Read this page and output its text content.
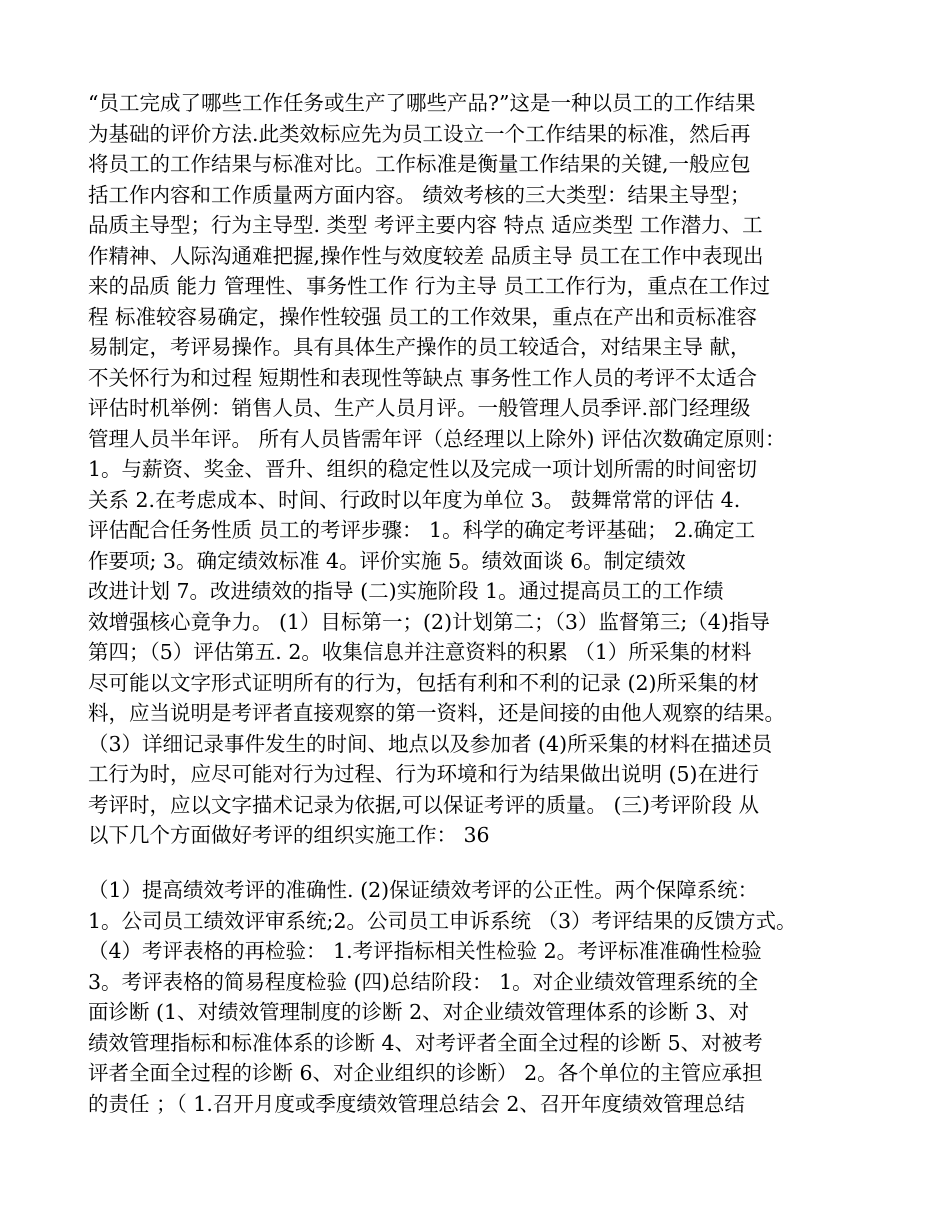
“员工完成了哪些工作任务或生产了哪些产品?”这是一种以员工的工作结果
为基础的评价方法.此类效标应先为员工设立一个工作结果的标准，然后再
将员工的工作结果与标准对比。工作标准是衡量工作结果的关键,一般应包
括工作内容和工作质量两方面内容。 绩效考核的三大类型：结果主导型；
品质主导型；行为主导型. 类型 考评主要内容 特点 适应类型 工作潜力、工
作精神、人际沟通难把握,操作性与效度较差 品质主导 员工在工作中表现出
来的品质 能力 管理性、事务性工作 行为主导 员工工作行为，重点在工作过
程 标准较容易确定，操作性较强 员工的工作效果，重点在产出和贡标准容
易制定，考评易操作。具有具体生产操作的员工较适合，对结果主导 献，
不关怀行为和过程 短期性和表现性等缺点 事务性工作人员的考评不太适合
评估时机举例：销售人员、生产人员月评。一般管理人员季评.部门经理级
管理人员半年评。 所有人员皆需年评（总经理以上除外) 评估次数确定原则：
1。与薪资、奖金、晋升、组织的稳定性以及完成一项计划所需的时间密切
关系 2.在考虑成本、时间、行政时以年度为单位 3。 鼓舞常常的评估 4.
评估配合任务性质 员工的考评步骤： 1。科学的确定考评基础； 2.确定工
作要项; 3。确定绩效标准 4。评价实施 5。绩效面谈 6。制定绩效
改进计划 7。改进绩效的指导 (二)实施阶段 1。通过提高员工的工作绩
效增强核心竟争力。 (1）目标第一；(2)计划第二；（3）监督第三;（4)指导
第四；（5）评估第五. 2。收集信息并注意资料的积累 （1）所采集的材料
尽可能以文字形式证明所有的行为，包括有利和不利的记录 (2)所采集的材
料，应当说明是考评者直接观察的第一资料，还是间接的由他人观察的结果。
（3）详细记录事件发生的时间、地点以及参加者 (4)所采集的材料在描述员
工行为时，应尽可能对行为过程、行为环境和行为结果做出说明 (5)在进行
考评时，应以文字描术记录为依据,可以保证考评的质量。 (三)考评阶段 从
以下几个方面做好考评的组织实施工作： 36
（1）提高绩效考评的准确性. (2)保证绩效考评的公正性。两个保障系统：
1。公司员工绩效评审系统;2。公司员工申诉系统 （3）考评结果的反馈方式。
（4）考评表格的再检验： 1.考评指标相关性检验 2。考评标准准确性检验
3。考评表格的简易程度检验 (四)总结阶段： 1。对企业绩效管理系统的全
面诊断 (1、对绩效管理制度的诊断 2、对企业绩效管理体系的诊断 3、对
绩效管理指标和标准体系的诊断 4、对考评者全面全过程的诊断 5、对被考
评者全面全过程的诊断 6、对企业组织的诊断） 2。各个单位的主管应承担
的责任 ；（ 1.召开月度或季度绩效管理总结会 2、召开年度绩效管理总结
